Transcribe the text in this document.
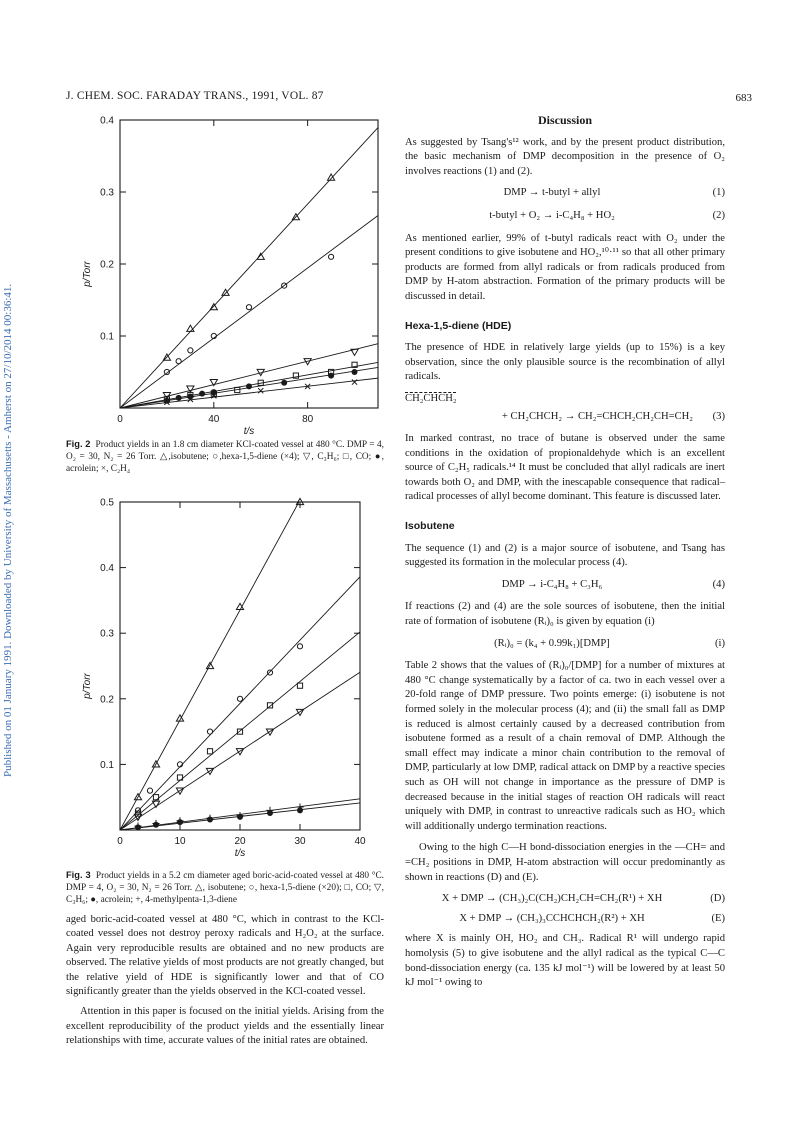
Published on 01 January 1991. Downloaded by University of Massachusetts - Amherst on 27/10/2014 00:36:41.
J. CHEM. SOC. FARADAY TRANS., 1991, VOL. 87	683
0	40	80
0.1
0.2
0.3
0.4
t/s
p/Torr
Fig. 2 Product yields in an 1.8 cm diameter KCl-coated vessel at 480 °C. DMP = 4, O₂ = 30, N₂ = 26 Torr. △,isobutene; ○,hexa-1,5-diene (×4); ▽, C₃H₆; □, CO; ●, acrolein; ×, C₂H₄
0	10	20	30	40
0.1
0.2
0.3
0.4
0.5
t/s
p/Torr
Fig. 3 Product yields in a 5.2 cm diameter aged boric-acid-coated vessel at 480 °C. DMP = 4, O₂ = 30, N₂ = 26 Torr. △, isobutene; ○, hexa-1,5-diene (×20); □, CO; ▽, C₃H₆; ●, acrolein; +, 4-methylpenta-1,3-diene

aged boric-acid-coated vessel at 480 °C, which in contrast to the KCl-coated vessel does not destroy peroxy radicals and H₂O₂ at the surface. Again very reproducible results are obtained and no new products are observed. The relative yields of most products are not greatly changed, but the relative yield of HDE is significantly lower and that of CO significantly greater than the yields observed in the KCl-coated vessel.

Attention in this paper is focused on the initial yields. Arising from the excellent reproducibility of the product yields and the essentially linear relationships with time, accurate values of the initial rates are obtained.

Discussion

As suggested by Tsang's¹² work, and by the present product distribution, the basic mechanism of DMP decomposition in the presence of O₂ involves reactions (1) and (2).

DMP → t-butyl + allyl	(1)
t-butyl + O₂ → i-C₄H₈ + HO₂	(2)

As mentioned earlier, 99% of t-butyl radicals react with O₂ under the present conditions to give isobutene and HO₂,¹⁰·¹¹ so that all other primary products are formed from allyl radicals or from radicals produced from DMP by H-atom abstraction. Formation of the primary products will be discussed in detail.

Hexa-1,5-diene (HDE)

The presence of HDE in relatively large yields (up to 15%) is a key observation, since the only plausible source is the recombination of allyl radicals.

CH₂CHCH₂
+ CH₂CHCH₂ → CH₂=CHCH₂CH₂CH=CH₂	(3)

In marked contrast, no trace of butane is observed under the same conditions in the oxidation of propionaldehyde which is an excellent source of C₂H₅ radicals.¹⁴ It must be concluded that allyl radicals are inert towards both O₂ and DMP, with the inescapable consequence that radical–radical processes of allyl become dominant. This feature is discussed later.

Isobutene

The sequence (1) and (2) is a major source of isobutene, and Tsang has suggested its formation in the molecular process (4).

DMP → i-C₄H₈ + C₃H₆	(4)

If reactions (2) and (4) are the sole sources of isobutene, then the initial rate of formation of isobutene (Rᵢ)₀ is given by equation (i)

(Rᵢ)₀ = (k₄ + 0.99k₁)[DMP]	(i)

Table 2 shows that the values of (Rᵢ)₀/[DMP] for a number of mixtures at 480 °C change systematically by a factor of ca. two in each vessel over a 20-fold range of DMP pressure. Two points emerge: (i) isobutene is not formed solely in the molecular process (4); and (ii) the small fall as DMP is reduced is almost certainly caused by a decreased contribution from isobutene formed as a result of a chain removal of DMP. Although the small effect may indicate a minor chain contribution to the removal of DMP, particularly at low DMP, radical attack on DMP by a reactive species such as OH will not change in importance as the pressure of DMP is decreased because in the initial stages of reaction OH radicals will react uniquely with DMP, in contrast to unreactive radicals such as HO₂ which will additionally undergo termination reactions.

Owing to the high C—H bond-dissociation energies in the —CH= and =CH₂ positions in DMP, H-atom abstraction will occur predominantly as shown in reactions (D) and (E).

X + DMP → (CH₃)₂C(CH₂)CH₂CH=CH₂(R¹) + XH	(D)
X + DMP → (CH₃)₃CCHCHCH₂(R²) + XH	(E)

where X is mainly OH, HO₂ and CH₃. Radical R¹ will undergo rapid homolysis (5) to give isobutene and the allyl radical as the typical C—C bond-dissociation energy (ca. 135 kJ mol⁻¹) will be lowered by at least 50 kJ mol⁻¹ owing to
